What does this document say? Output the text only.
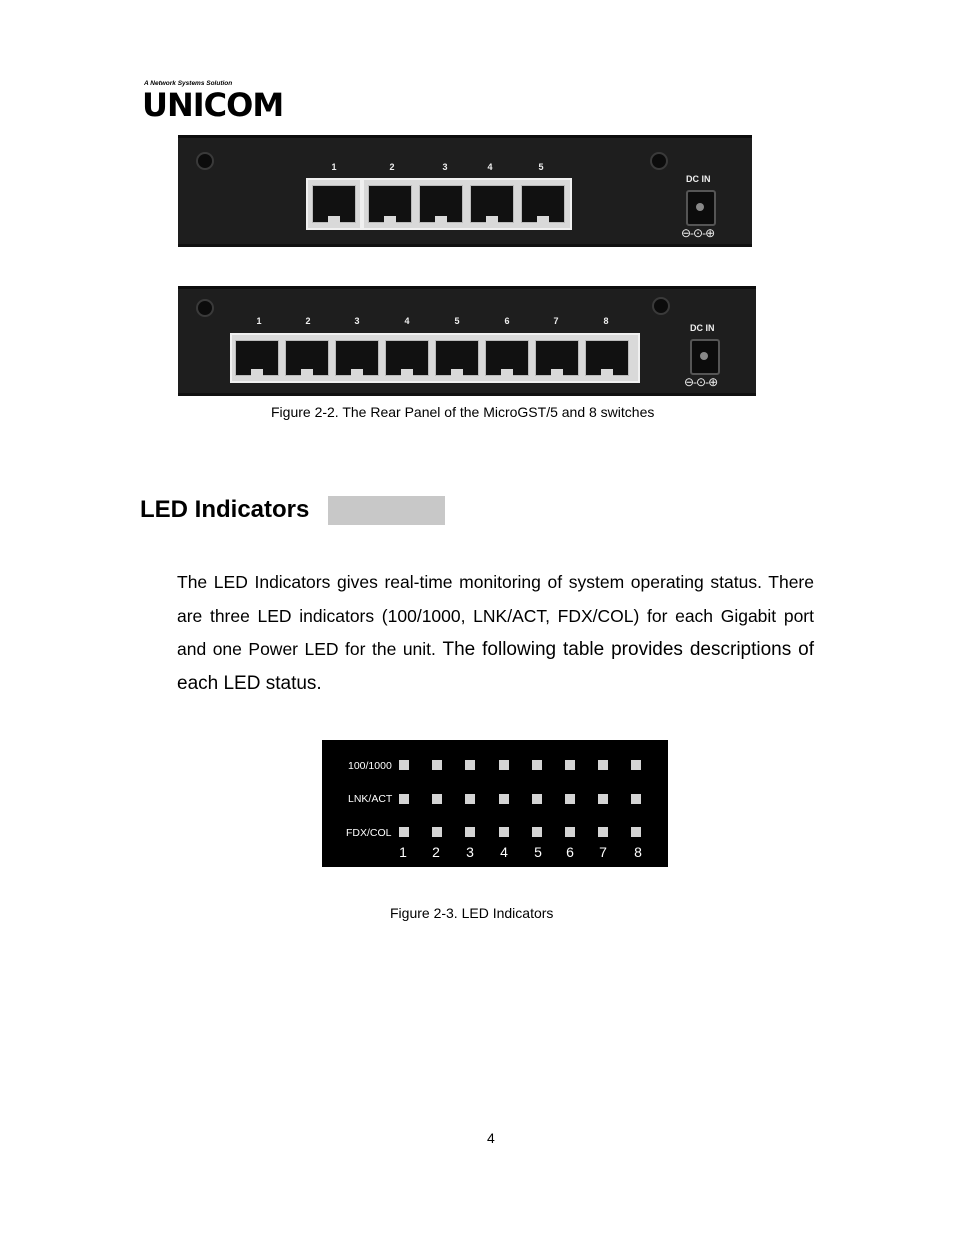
A Network Systems Solution
UNICOM
1	2	3	4	5
DC IN
⊖-⊙-⊕
1	2	3	4	5	6	7	8
DC IN
⊖-⊙-⊕
Figure 2-2. The Rear Panel of the MicroGST/5 and 8 switches
LED Indicators
The LED Indicators gives real-time monitoring of system operating status. There are three LED indicators (100/1000, LNK/ACT, FDX/COL) for each Gigabit port and one Power LED for the unit. The following table provides descriptions of each LED status.
100/1000
LNK/ACT
FDX/COL
1 2 3 4 5 6 7 8
Figure 2-3. LED Indicators
4
